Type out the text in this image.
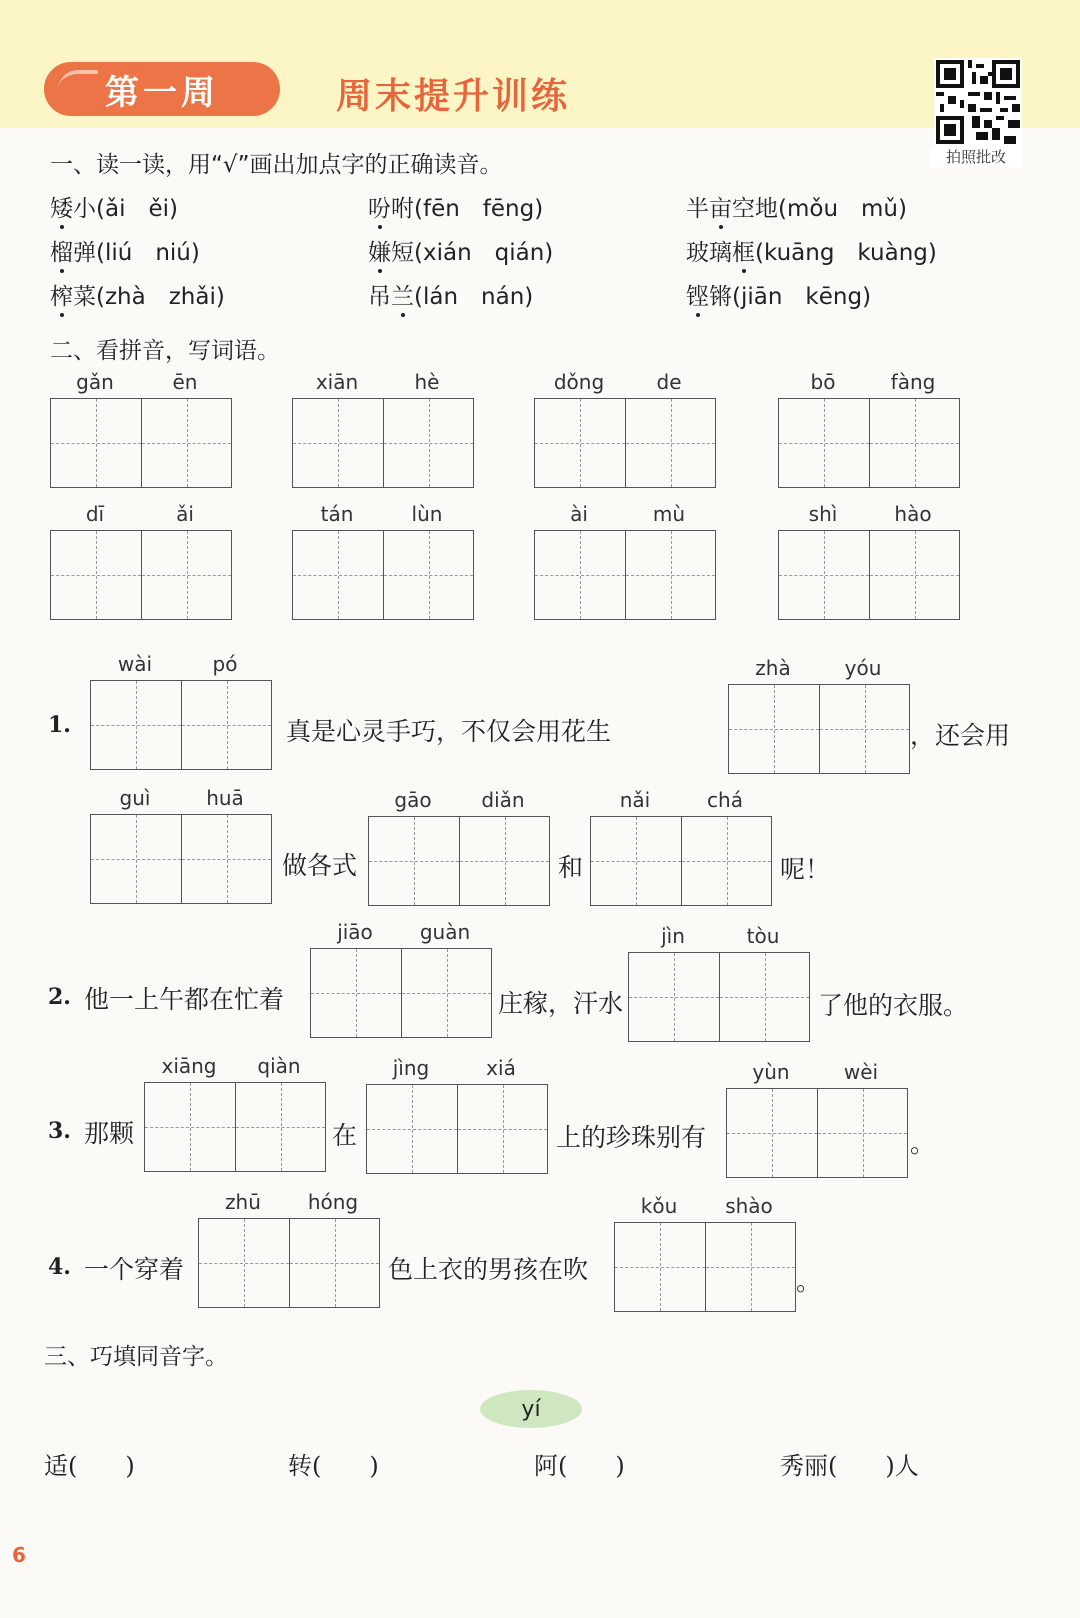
第一周	周末提升训练
拍照批改
一、读一读，用“√”画出加点字的正确读音。
矮小(ǎi　ěi)	吩咐(fēn　fēng)	半亩空地(mǒu　mǔ)
榴弹(liú　niú)	嫌短(xián　qián)	玻璃框(kuāng　kuàng)
榨菜(zhà　zhǎi)	吊兰(lán　nán)	铿锵(jiān　kēng)
二、看拼音，写词语。
gǎn	ēn	xiān	hè	dǒng	de	bō	fàng
dī	ǎi	tán	lùn	ài	mù	shì	hào
1.
wài	pó
真是心灵手巧，不仅会用花生
zhà	yóu
，还会用
guì	huā
做各式
gāo	diǎn
和
nǎi	chá
呢！
2. 他一上午都在忙着
jiāo	guàn
庄稼，汗水
jìn	tòu
了他的衣服。
3. 那颗
xiāng	qiàn
在
jìng	xiá
上的珍珠别有
yùn	wèi
。
4. 一个穿着
zhū	hóng
色上衣的男孩在吹
kǒu	shào
。
三、巧填同音字。
yí
适(　　)	转(　　)	阿(　　)	秀丽(　　)人
6
